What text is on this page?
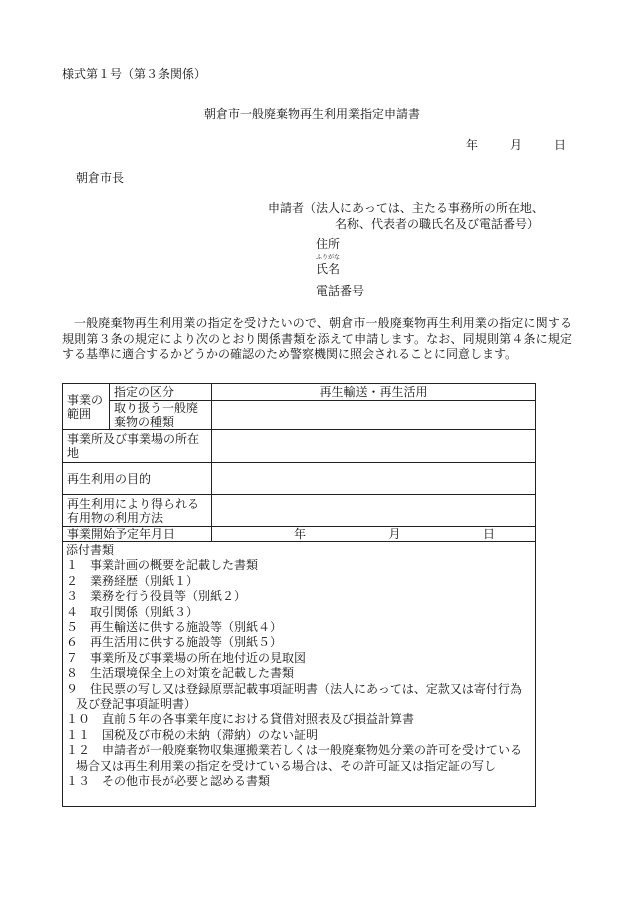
様式第１号（第３条関係）
朝倉市一般廃棄物再生利用業指定申請書
年	月	日
朝倉市長
申請者（法人にあっては、主たる事務所の所在地、
名称、代表者の職氏名及び電話番号）
住所
ふりがな
氏名
電話番号
一般廃棄物再生利用業の指定を受けたいので、朝倉市一般廃棄物再生利用業の指定に関する規則第３条の規定により次のとおり関係書類を添えて申請します。なお、同規則第４条に規定する基準に適合するかどうかの確認のため警察機関に照会されることに同意します。
事業の範囲	指定の区分	再生輸送・再生活用
	取り扱う一般廃棄物の種類	
事業所及び事業場の所在地		
再生利用の目的		
再生利用により得られる有用物の利用方法		
事業開始予定年月日		年 月 日
添付書類
１　事業計画の概要を記載した書類
２　業務経歴（別紙１）
３　業務を行う役員等（別紙２）
４　取引関係（別紙３）
５　再生輸送に供する施設等（別紙４）
６　再生活用に供する施設等（別紙５）
７　事業所及び事業場の所在地付近の見取図
８　生活環境保全上の対策を記載した書類
９　住民票の写し又は登録原票記載事項証明書（法人にあっては、定款又は寄付行為及び登記事項証明書）
１０　直前５年の各事業年度における貸借対照表及び損益計算書
１１　国税及び市税の未納（滞納）のない証明
１２　申請者が一般廃棄物収集運搬業若しくは一般廃棄物処分業の許可を受けている場合又は再生利用業の指定を受けている場合は、その許可証又は指定証の写し
１３　その他市長が必要と認める書類
